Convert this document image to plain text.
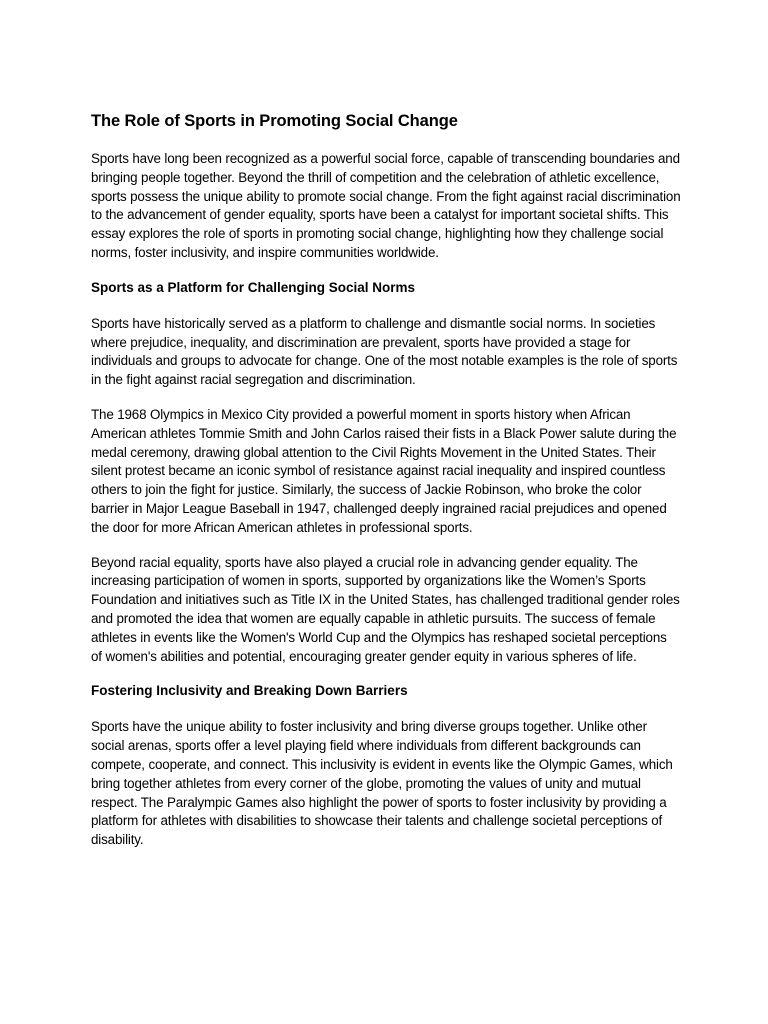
The Role of Sports in Promoting Social Change

Sports have long been recognized as a powerful social force, capable of transcending boundaries and bringing people together. Beyond the thrill of competition and the celebration of athletic excellence, sports possess the unique ability to promote social change. From the fight against racial discrimination to the advancement of gender equality, sports have been a catalyst for important societal shifts. This essay explores the role of sports in promoting social change, highlighting how they challenge social norms, foster inclusivity, and inspire communities worldwide.

Sports as a Platform for Challenging Social Norms

Sports have historically served as a platform to challenge and dismantle social norms. In societies where prejudice, inequality, and discrimination are prevalent, sports have provided a stage for individuals and groups to advocate for change. One of the most notable examples is the role of sports in the fight against racial segregation and discrimination.

The 1968 Olympics in Mexico City provided a powerful moment in sports history when African American athletes Tommie Smith and John Carlos raised their fists in a Black Power salute during the medal ceremony, drawing global attention to the Civil Rights Movement in the United States. Their silent protest became an iconic symbol of resistance against racial inequality and inspired countless others to join the fight for justice. Similarly, the success of Jackie Robinson, who broke the color barrier in Major League Baseball in 1947, challenged deeply ingrained racial prejudices and opened the door for more African American athletes in professional sports.

Beyond racial equality, sports have also played a crucial role in advancing gender equality. The increasing participation of women in sports, supported by organizations like the Women’s Sports Foundation and initiatives such as Title IX in the United States, has challenged traditional gender roles and promoted the idea that women are equally capable in athletic pursuits. The success of female athletes in events like the Women's World Cup and the Olympics has reshaped societal perceptions of women's abilities and potential, encouraging greater gender equity in various spheres of life.

Fostering Inclusivity and Breaking Down Barriers

Sports have the unique ability to foster inclusivity and bring diverse groups together. Unlike other social arenas, sports offer a level playing field where individuals from different backgrounds can compete, cooperate, and connect. This inclusivity is evident in events like the Olympic Games, which bring together athletes from every corner of the globe, promoting the values of unity and mutual respect. The Paralympic Games also highlight the power of sports to foster inclusivity by providing a platform for athletes with disabilities to showcase their talents and challenge societal perceptions of disability.
